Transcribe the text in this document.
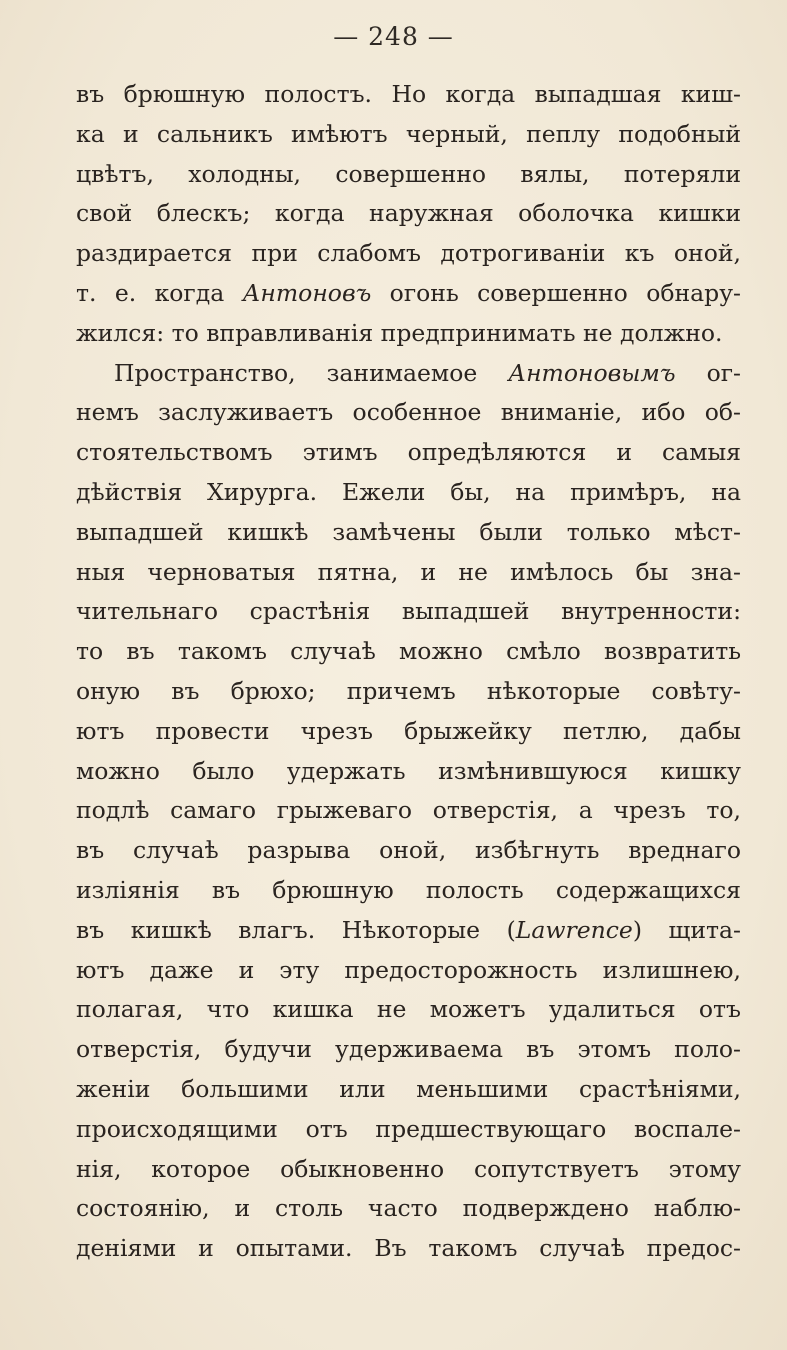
— 248 —
въ брюшную полостъ. Но когда выпадшая киш-
ка и сальникъ имѣютъ черный, пеплу подобный
цвѣтъ, холодны, совершенно вялы, потеряли
свой блескъ; когда наружная оболочка кишки
раздирается при слабомъ дотрогиваніи къ оной,
т. е. когда Антоновъ огонь совершенно обнару-
жился: то вправливанія предпринимать не должно.
Пространство, занимаемое Антоновымъ ог-
немъ заслуживаетъ особенное вниманіе, ибо об-
стоятельствомъ этимъ опредѣляются и самыя
дѣйствія Хирурга. Ежели бы, на примѣръ, на
выпадшей кишкѣ замѣчены были только мѣст-
ныя черноватыя пятна, и не имѣлось бы зна-
чительнаго срастѣнія выпадшей внутренности:
то въ такомъ случаѣ можно смѣло возвратить
оную въ брюхо; причемъ нѣкоторые совѣту-
ютъ провести чрезъ брыжейку петлю, дабы
можно было удержать измѣнившуюся кишку
подлѣ самаго грыжеваго отверстія, а чрезъ то,
въ случаѣ разрыва оной, избѣгнуть вреднаго
изліянія въ брюшную полость содержащихся
въ кишкѣ влагъ. Нѣкоторые (Lawrence) щита-
ютъ даже и эту предосторожность излишнею,
полагая, что кишка не можетъ удалиться отъ
отверстія, будучи удерживаема въ этомъ поло-
женіи большими или меньшими срастѣніями,
происходящими отъ предшествующаго воспале-
нія, которое обыкновенно сопутствуетъ этому
состоянію, и столь часто подверждено наблю-
деніями и опытами. Въ такомъ случаѣ предос-
